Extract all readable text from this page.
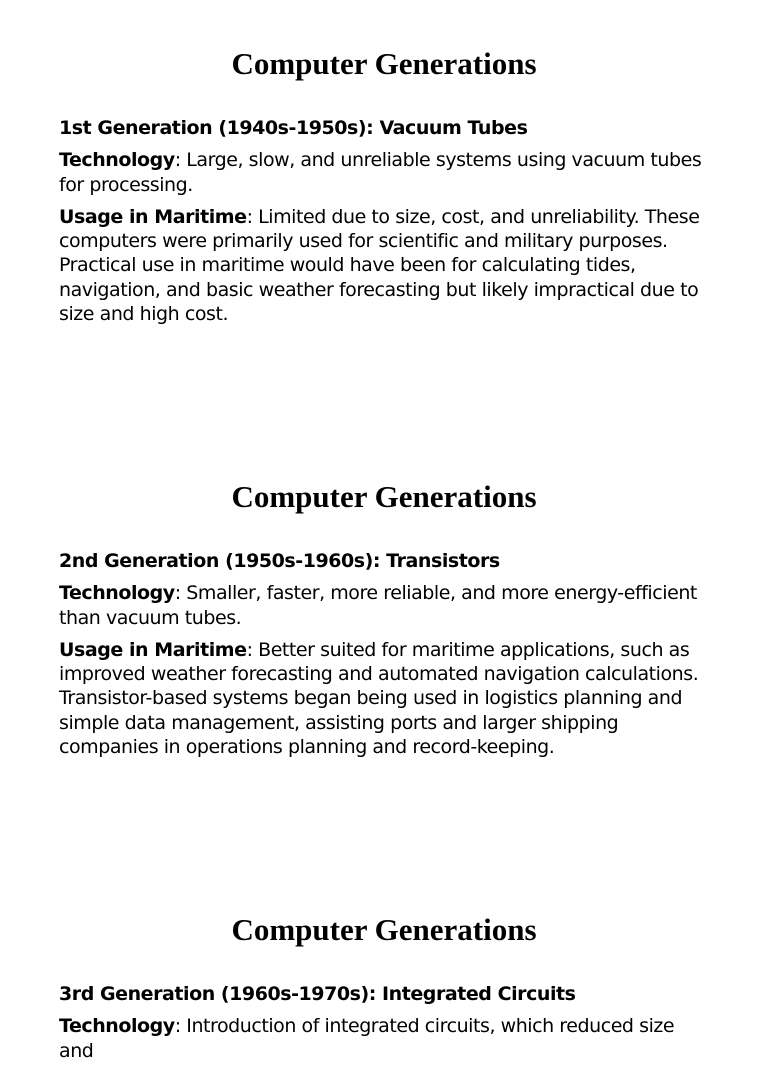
Computer Generations

1st Generation (1940s-1950s): Vacuum Tubes

Technology: Large, slow, and unreliable systems using vacuum tubes for processing.

Usage in Maritime: Limited due to size, cost, and unreliability. These computers were primarily used for scientific and military purposes. Practical use in maritime would have been for calculating tides, navigation, and basic weather forecasting but likely impractical due to size and high cost.

Computer Generations

2nd Generation (1950s-1960s): Transistors

Technology: Smaller, faster, more reliable, and more energy-efficient than vacuum tubes.

Usage in Maritime: Better suited for maritime applications, such as improved weather forecasting and automated navigation calculations. Transistor-based systems began being used in logistics planning and simple data management, assisting ports and larger shipping companies in operations planning and record-keeping.

Computer Generations

3rd Generation (1960s-1970s): Integrated Circuits

Technology: Introduction of integrated circuits, which reduced size and
